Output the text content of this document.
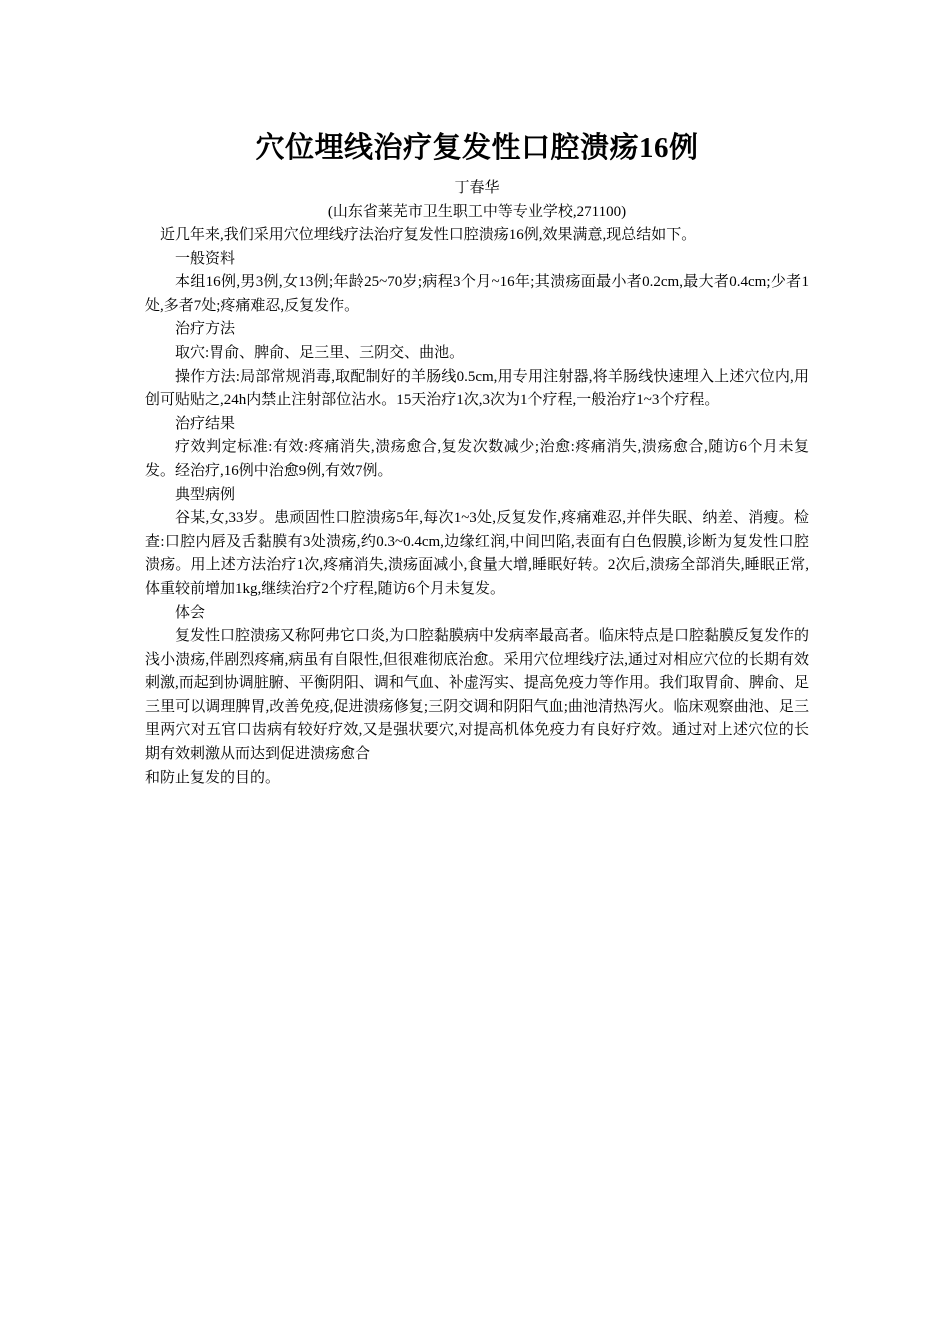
穴位埋线治疗复发性口腔溃疡16例

丁春华

(山东省莱芜市卫生职工中等专业学校,271100)

近几年来,我们采用穴位埋线疗法治疗复发性口腔溃疡16例,效果满意,现总结如下。

一般资料

本组16例,男3例,女13例;年龄25~70岁;病程3个月~16年;其溃疡面最小者0.2cm,最大者0.4cm;少者1处,多者7处;疼痛难忍,反复发作。

治疗方法

取穴:胃俞、脾俞、足三里、三阴交、曲池。

操作方法:局部常规消毒,取配制好的羊肠线0.5cm,用专用注射器,将羊肠线快速埋入上述穴位内,用创可贴贴之,24h内禁止注射部位沾水。15天治疗1次,3次为1个疗程,一般治疗1~3个疗程。

治疗结果

疗效判定标准:有效:疼痛消失,溃疡愈合,复发次数减少;治愈:疼痛消失,溃疡愈合,随访6个月未复发。经治疗,16例中治愈9例,有效7例。

典型病例

谷某,女,33岁。患顽固性口腔溃疡5年,每次1~3处,反复发作,疼痛难忍,并伴失眠、纳差、消瘦。检查:口腔内唇及舌黏膜有3处溃疡,约0.3~0.4cm,边缘红润,中间凹陷,表面有白色假膜,诊断为复发性口腔溃疡。用上述方法治疗1次,疼痛消失,溃疡面减小,食量大增,睡眠好转。2次后,溃疡全部消失,睡眠正常,体重较前增加1kg,继续治疗2个疗程,随访6个月未复发。

体会

复发性口腔溃疡又称阿弗它口炎,为口腔黏膜病中发病率最高者。临床特点是口腔黏膜反复发作的浅小溃疡,伴剧烈疼痛,病虽有自限性,但很难彻底治愈。采用穴位埋线疗法,通过对相应穴位的长期有效刺激,而起到协调脏腑、平衡阴阳、调和气血、补虚泻实、提高免疫力等作用。我们取胃俞、脾俞、足三里可以调理脾胃,改善免疫,促进溃疡修复;三阴交调和阴阳气血;曲池清热泻火。临床观察曲池、足三里两穴对五官口齿病有较好疗效,又是强状要穴,对提高机体免疫力有良好疗效。通过对上述穴位的长期有效刺激从而达到促进溃疡愈合

和防止复发的目的。
